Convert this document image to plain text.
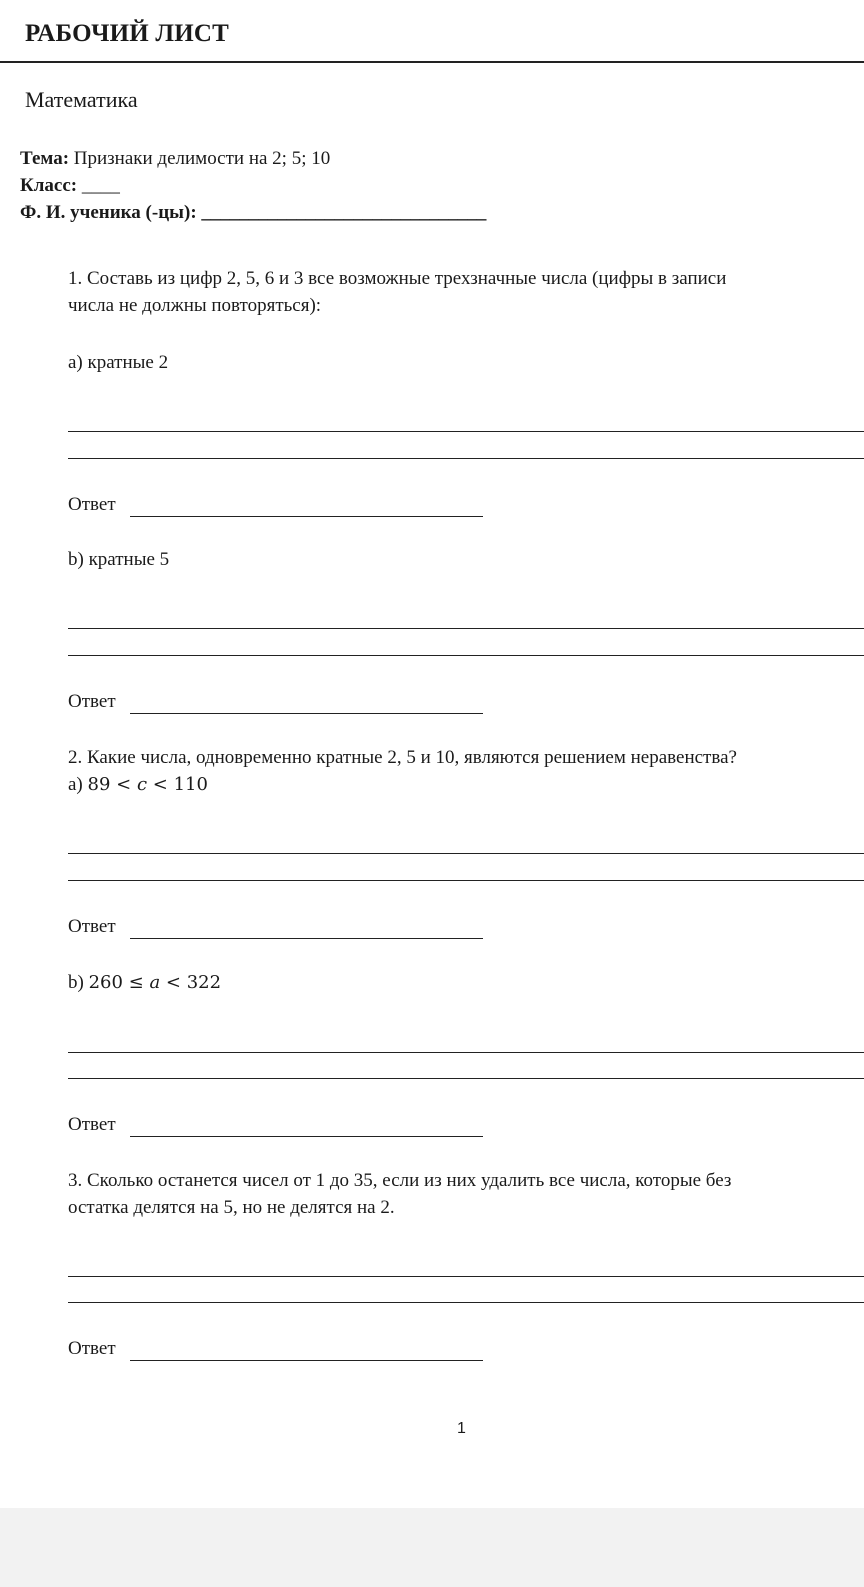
РАБОЧИЙ ЛИСТ
Математика
Тема: Признаки делимости на 2; 5; 10
Класс: ____
Ф. И. ученика (-цы): ______________________________
1. Составь из цифр 2, 5, 6 и 3 все возможные трехзначные числа (цифры в записи
числа не должны повторяться):
a) кратные 2
Ответ
b) кратные 5
Ответ
2. Какие числа, одновременно кратные 2, 5 и 10, являются решением неравенства?
a) 89 < c < 110
Ответ
b) 260 ≤ a < 322
Ответ
3. Сколько останется чисел от 1 до 35, если из них удалить все числа, которые без
остатка делятся на 5, но не делятся на 2.
Ответ
1
